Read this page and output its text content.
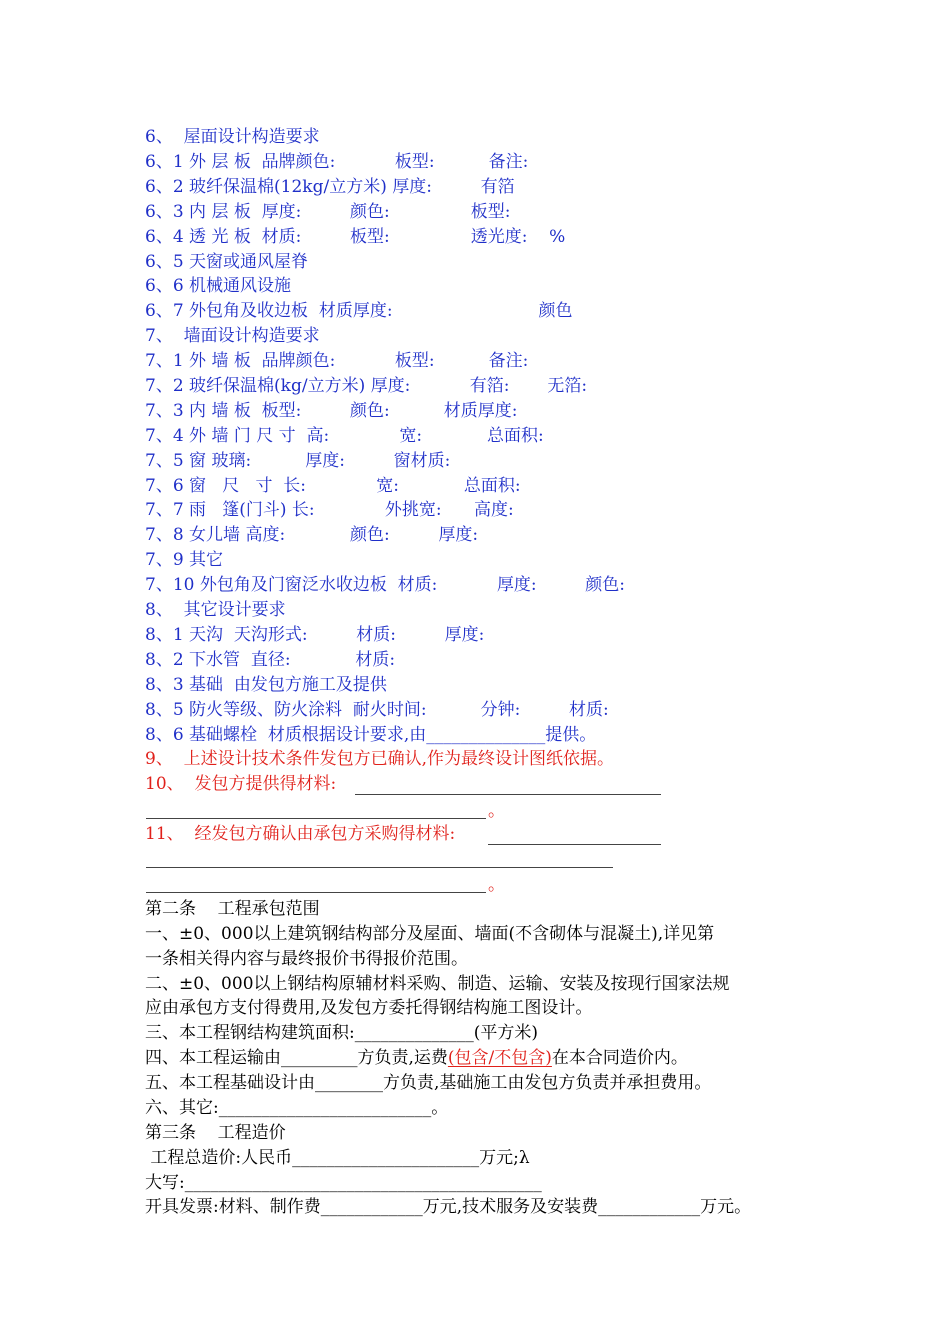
6、  屋面设计构造要求
6、1 外 层 板  品牌颜色:           板型:          备注:
6、2 玻纤保温棉(12kg/立方米) 厚度:         有箔
6、3 内 层 板  厚度:         颜色:               板型:
6、4 透 光 板  材质:         板型:               透光度:    %
6、5 天窗或通风屋脊
6、6 机械通风设施
6、7 外包角及收边板  材质厚度:                           颜色
7、  墙面设计构造要求
7、1 外 墙 板  品牌颜色:           板型:          备注:
7、2 玻纤保温棉(kg/立方米) 厚度:           有箔:       无箔:
7、3 内 墙 板  板型:         颜色:          材质厚度:
7、4 外 墙 门 尺 寸  高:             宽:            总面积:
7、5 窗 玻璃:          厚度:         窗材质:
7、6 窗   尺   寸  长:             宽:            总面积:
7、7 雨   篷(门斗) 长:             外挑宽:      高度:
7、8 女儿墙 高度:            颜色:         厚度:
7、9 其它
7、10 外包角及门窗泛水收边板  材质:           厚度:         颜色:
8、  其它设计要求
8、1 天沟  天沟形式:         材质:         厚度:
8、2 下水管  直径:            材质:
8、3 基础  由发包方施工及提供
8、5 防火等级、防火涂料  耐火时间:          分钟:         材质:
8、6 基础螺栓  材质根据设计要求,由______________提供。
9、  上述设计技术条件发包方已确认,作为最终设计图纸依据。
10、  发包方提供得材料:
。
11、  经发包方确认由承包方采购得材料:
。
第二条    工程承包范围
一、±0、000以上建筑钢结构部分及屋面、墙面(不含砌体与混凝土),详见第
一条相关得内容与最终报价书得报价范围。
二、±0、000以上钢结构原辅材料采购、制造、运输、安装及按现行国家法规
应由承包方支付得费用,及发包方委托得钢结构施工图设计。
三、本工程钢结构建筑面积:______________(平方米)
四、本工程运输由_________方负责,运费(包含/不包含)在本合同造价内。
五、本工程基础设计由________方负责,基础施工由发包方负责并承担费用。
六、其它:_________________________。
第三条    工程造价
工程总造价:人民币______________________万元;λ
大写:__________________________________________
开具发票:材料、制作费____________万元,技术服务及安装费____________万元。
